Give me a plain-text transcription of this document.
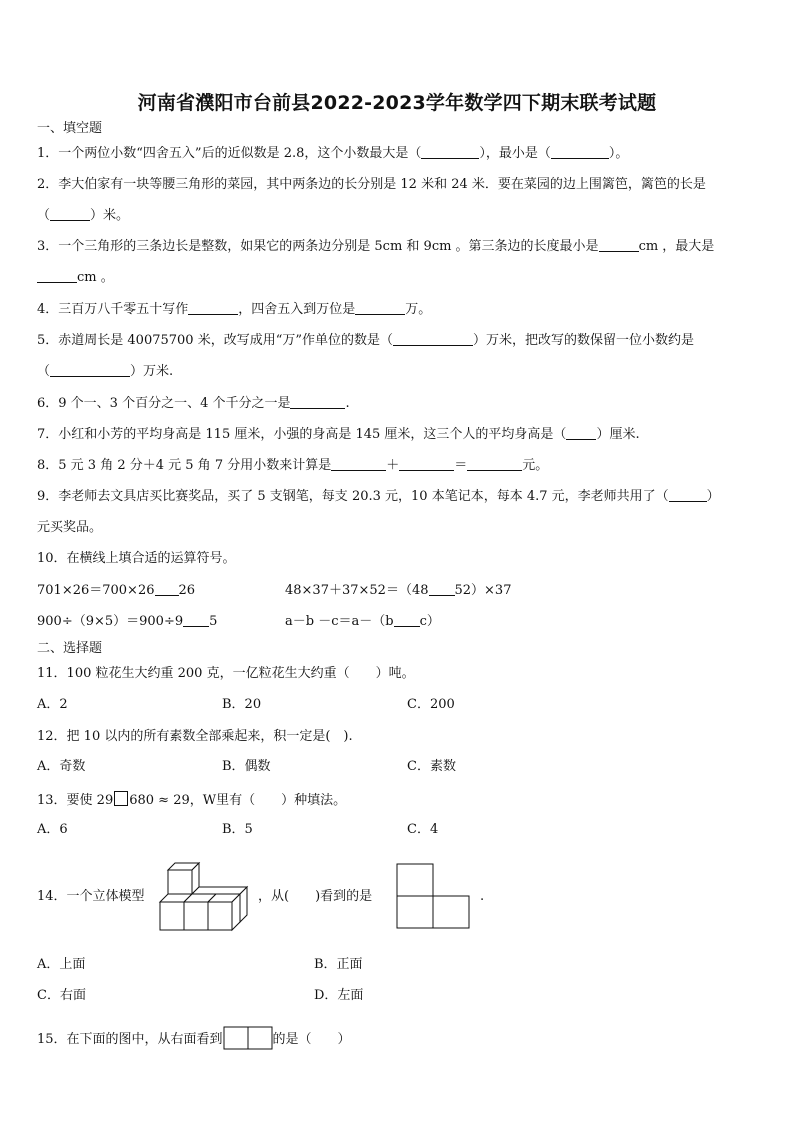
河南省濮阳市台前县2022-2023学年数学四下期末联考试题
一、填空题
1．一个两位小数“四舍五入”后的近似数是 2.8，这个小数最大是（	），最小是（	）。
2．李大伯家有一块等腰三角形的菜园，其中两条边的长分别是 12 米和 24 米．要在菜园的边上围篱笆，篱笆的长是
（	）米。
3．一个三角形的三条边长是整数，如果它的两条边分别是 5cm 和 9cm 。第三条边的长度最小是	cm ，最大是
cm 。
4．三百万八千零五十写作	，四舍五入到万位是	万。
5．赤道周长是 40075700 米，改写成用“万”作单位的数是（	）万米，把改写的数保留一位小数约是
（	）万米.
6．9 个一、3 个百分之一、4 个千分之一是	.
7．小红和小芳的平均身高是 115 厘米，小强的身高是 145 厘米，这三个人的平均身高是（ ）厘米.
8．5 元 3 角 2 分＋4 元 5 角 7 分用小数来计算是	＋	＝	元。
9．李老师去文具店买比赛奖品，买了 5 支钢笔，每支 20.3 元，10 本笔记本，每本 4.7 元，李老师共用了（	）
元买奖品。
10．在横线上填合适的运算符号。
701×26＝700×26 26	48×37＋37×52＝（48 52）×37
900÷（9×5）＝900÷9 5	a－b －c＝a－（b c）
二、选择题
11．100 粒花生大约重 200 克，一亿粒花生大约重（　　）吨。
A．2	B．20	C．200
12．把 10 以内的所有素数全部乘起来，积一定是(　).
A．奇数	B．偶数	C．素数
13．要使 29 680 ≈ 29，W里有（　　）种填法。
A．6	B．5	C．4
14．一个立体模型	，从(　　)看到的是	.
A．上面	B．正面
C．右面	D．左面
15．在下面的图中，从右面看到	的是（　　）
